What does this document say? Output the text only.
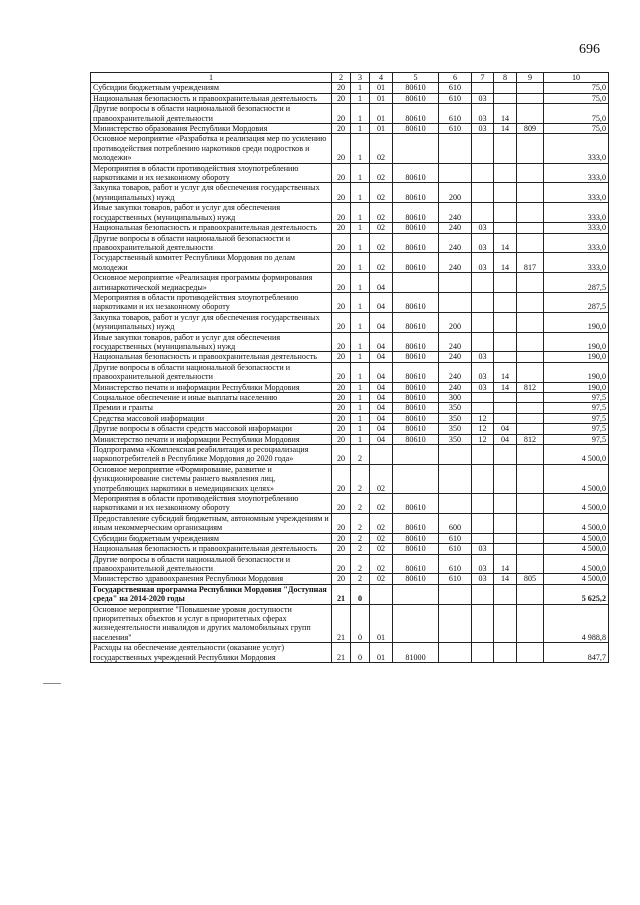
696
1	2	3	4	5	6	7	8	9	10
Субсидии бюджетным учреждениям	20	1	01	80610	610				75,0
Национальная безопасность и правоохранительная деятельность	20	1	01	80610	610	03			75,0
Другие вопросы в области национальной безопасности и правоохранительной деятельности	20	1	01	80610	610	03	14		75,0
Министерство образования Республики Мордовия	20	1	01	80610	610	03	14	809	75,0
Основное мероприятие «Разработка и реализация мер по усилению противодействия потреблению наркотиков среди подростков и молодежи»	20	1	02						333,0
Мероприятия в области противодействия злоупотреблению наркотиками и их незаконному обороту	20	1	02	80610					333,0
Закупка товаров, работ и услуг для обеспечения государственных (муниципальных) нужд	20	1	02	80610	200				333,0
Иные закупки товаров, работ и услуг для обеспечения государственных (муниципальных) нужд	20	1	02	80610	240				333,0
Национальная безопасность и правоохранительная деятельность	20	1	02	80610	240	03			333,0
Другие вопросы в области национальной безопасности и правоохранительной деятельности	20	1	02	80610	240	03	14		333,0
Государственный комитет Республики Мордовия по делам молодежи	20	1	02	80610	240	03	14	817	333,0
Основное мероприятие «Реализация программы формирования антинаркотической медиасреды»	20	1	04						287,5
Мероприятия в области противодействия злоупотреблению наркотиками и их незаконному обороту	20	1	04	80610					287,5
Закупка товаров, работ и услуг для обеспечения государственных (муниципальных) нужд	20	1	04	80610	200				190,0
Иные закупки товаров, работ и услуг для обеспечения государственных (муниципальных) нужд	20	1	04	80610	240				190,0
Национальная безопасность и правоохранительная деятельность	20	1	04	80610	240	03			190,0
Другие вопросы в области национальной безопасности и правоохранительной деятельности	20	1	04	80610	240	03	14		190,0
Министерство печати и информации Республики Мордовия	20	1	04	80610	240	03	14	812	190,0
Социальное обеспечение и иные выплаты населению	20	1	04	80610	300				97,5
Премии и гранты	20	1	04	80610	350				97,5
Средства массовой информации	20	1	04	80610	350	12			97,5
Другие вопросы в области средств массовой информации	20	1	04	80610	350	12	04		97,5
Министерство печати и информации Республики Мордовия	20	1	04	80610	350	12	04	812	97,5
Подпрограмма «Комплексная реабилитация и ресоциализация наркопотребителей в Республике Мордовия до 2020 года»	20	2							4 500,0
Основное мероприятие «Формирование, развитие и функционирование системы раннего выявления лиц, употребляющих наркотики в немедицинских целях»	20	2	02						4 500,0
Мероприятия в области противодействия злоупотреблению наркотиками и их незаконному обороту	20	2	02	80610					4 500,0
Предоставление субсидий бюджетным, автономным учреждениям и иным некоммерческим организациям	20	2	02	80610	600				4 500,0
Субсидии бюджетным учреждениям	20	2	02	80610	610				4 500,0
Национальная безопасность и правоохранительная деятельность	20	2	02	80610	610	03			4 500,0
Другие вопросы в области национальной безопасности и правоохранительной деятельности	20	2	02	80610	610	03	14		4 500,0
Министерство здравоохранения Республики Мордовия	20	2	02	80610	610	03	14	805	4 500,0
Государственная программа Республики Мордовия "Доступная среда" на 2014-2020 годы	21	0							5 625,2
Основное мероприятие "Повышение уровня доступности приоритетных объектов и услуг в приоритетных сферах жизнедеятельности инвалидов и других маломобильных групп населения"	21	0	01						4 988,8
Расходы на обеспечение деятельности (оказание услуг) государственных учреждений Республики Мордовия	21	0	01	81000					847,7
